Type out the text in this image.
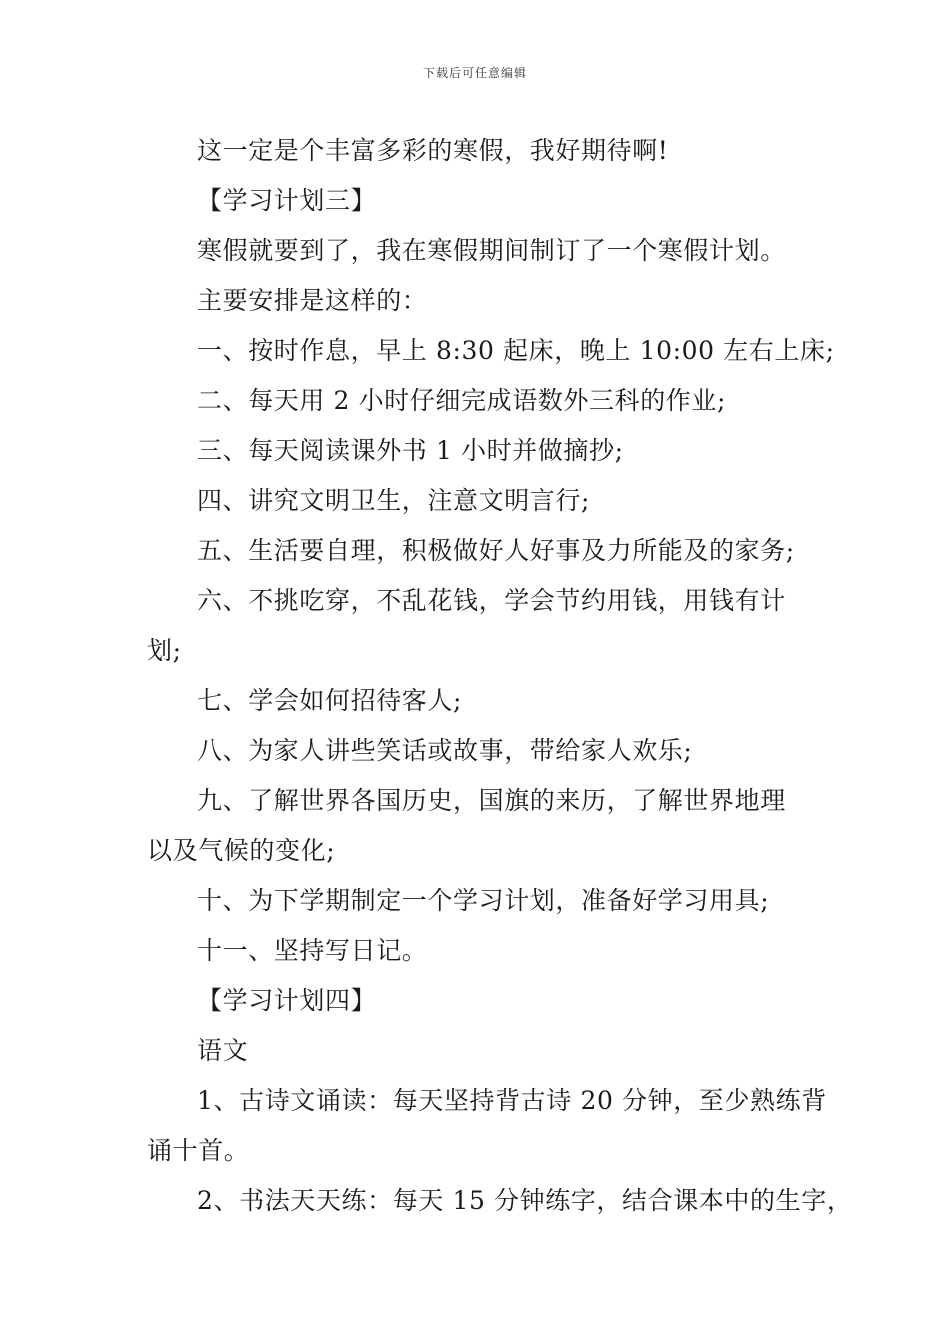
下载后可任意编辑
这一定是个丰富多彩的寒假，我好期待啊!
【学习计划三】
寒假就要到了，我在寒假期间制订了一个寒假计划。
主要安排是这样的：
一、按时作息，早上 8:30 起床，晚上 10:00 左右上床;
二、每天用 2 小时仔细完成语数外三科的作业;
三、每天阅读课外书 1 小时并做摘抄;
四、讲究文明卫生，注意文明言行;
五、生活要自理，积极做好人好事及力所能及的家务;
六、不挑吃穿，不乱花钱，学会节约用钱，用钱有计
划;
七、学会如何招待客人;
八、为家人讲些笑话或故事，带给家人欢乐;
九、了解世界各国历史，国旗的来历，了解世界地理
以及气候的变化;
十、为下学期制定一个学习计划，准备好学习用具;
十一、坚持写日记。
【学习计划四】
语文
1、古诗文诵读：每天坚持背古诗 20 分钟，至少熟练背
诵十首。
2、书法天天练：每天 15 分钟练字，结合课本中的生字，
